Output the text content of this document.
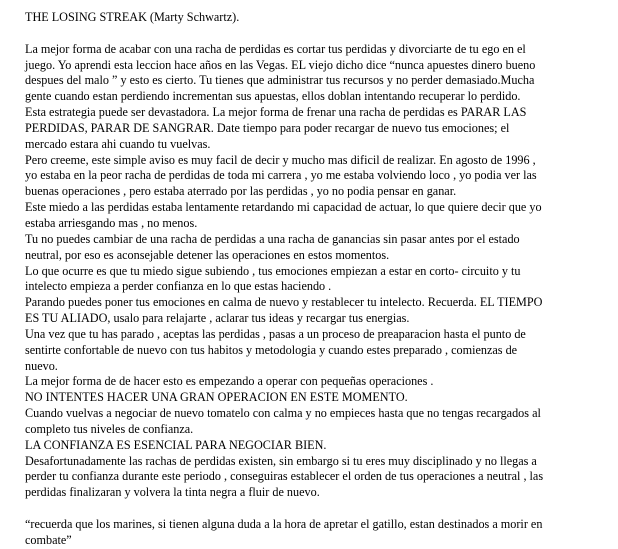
THE LOSING STREAK (Marty Schwartz).
La mejor forma de acabar con una racha de perdidas es cortar tus perdidas y divorciarte de tu ego en el
juego. Yo aprendi esta leccion hace años en las Vegas. EL viejo dicho dice “nunca apuestes dinero bueno
despues del malo ” y esto es cierto. Tu tienes que administrar tus recursos y no perder demasiado.Mucha
gente cuando estan perdiendo incrementan sus apuestas, ellos doblan intentando recuperar lo perdido.
Esta estrategia puede ser devastadora. La mejor forma de frenar una racha de perdidas es PARAR LAS
PERDIDAS, PARAR DE SANGRAR. Date tiempo para poder recargar de nuevo tus emociones; el
mercado estara ahi cuando tu vuelvas.
Pero creeme, este simple aviso es muy facil de decir y mucho mas dificil de realizar. En agosto de 1996 ,
yo estaba en la peor racha de perdidas de toda mi carrera , yo me estaba volviendo loco , yo podia ver las
buenas operaciones , pero estaba aterrado por las perdidas , yo no podia pensar en ganar.
Este miedo a las perdidas estaba lentamente retardando mi capacidad de actuar, lo que quiere decir que yo
estaba arriesgando mas , no menos.
Tu no puedes cambiar de una racha de perdidas a una racha de ganancias sin pasar antes por el estado
neutral, por eso es aconsejable detener las operaciones en estos momentos.
Lo que ocurre es que tu miedo sigue subiendo , tus emociones empiezan a estar en corto- circuito y tu
intelecto empieza a perder confianza en lo que estas haciendo .
Parando puedes poner tus emociones en calma de nuevo y restablecer tu intelecto. Recuerda. EL TIEMPO
ES TU ALIADO, usalo para relajarte , aclarar tus ideas y recargar tus energias.
Una vez que tu has parado , aceptas las perdidas , pasas a un proceso de preaparacion hasta el punto de
sentirte confortable de nuevo con tus habitos y metodologia y cuando estes preparado , comienzas de
nuevo.
La mejor forma de de hacer esto es empezando a operar con pequeñas operaciones .
NO INTENTES HACER UNA GRAN OPERACION EN ESTE MOMENTO.
Cuando vuelvas a negociar de nuevo tomatelo con calma y no empieces hasta que no tengas recargados al
completo tus niveles de confianza.
LA CONFIANZA ES ESENCIAL PARA NEGOCIAR BIEN.
Desafortunadamente las rachas de perdidas existen, sin embargo si tu eres muy disciplinado y no llegas a
perder tu confianza durante este periodo , conseguiras establecer el orden de tus operaciones a neutral , las
perdidas finalizaran y volvera la tinta negra a fluir de nuevo.
“recuerda que los marines, si tienen alguna duda a la hora de apretar el gatillo, estan destinados a morir en
combate”
